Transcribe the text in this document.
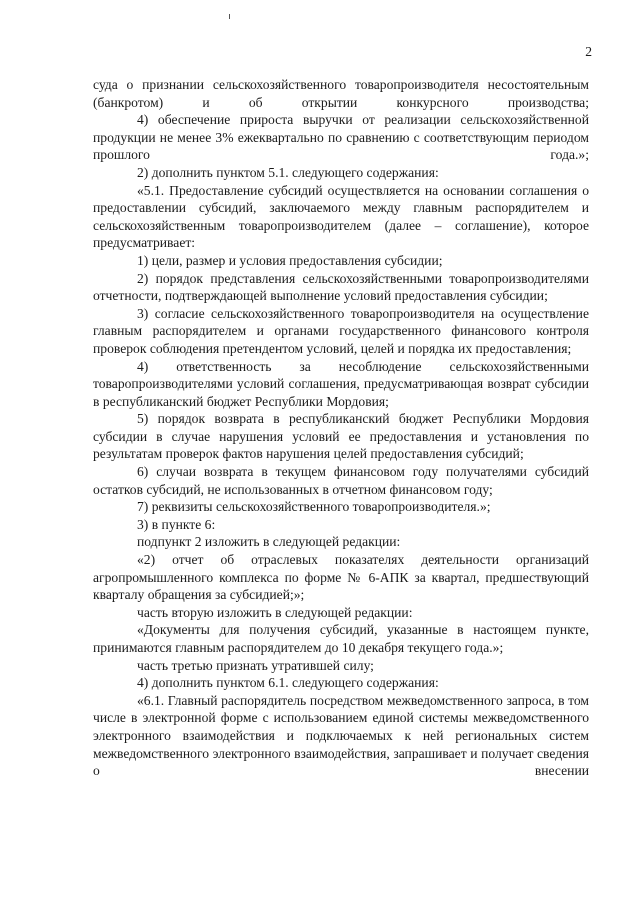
2

суда о признании сельскохозяйственного товаропроизводителя несостоятельным (банкротом) и об открытии конкурсного производства;

4) обеспечение прироста выручки от реализации сельскохозяйственной продукции не менее 3% ежеквартально по сравнению с соответствующим периодом прошлого года.»;

2) дополнить пунктом 5.1. следующего содержания:

«5.1. Предоставление субсидий осуществляется на основании соглашения о предоставлении субсидий, заключаемого между главным распорядителем и сельскохозяйственным товаропроизводителем (далее – соглашение), которое предусматривает:

1) цели, размер и условия предоставления субсидии;

2) порядок представления сельскохозяйственными товаропроизводителями отчетности, подтверждающей выполнение условий предоставления субсидии;

3) согласие сельскохозяйственного товаропроизводителя на осуществление главным распорядителем и органами государственного финансового контроля проверок соблюдения претендентом условий, целей и порядка их предоставления;

4) ответственность за несоблюдение сельскохозяйственными товаропроизводителями условий соглашения, предусматривающая возврат субсидии в республиканский бюджет Республики Мордовия;

5) порядок возврата в республиканский бюджет Республики Мордовия субсидии в случае нарушения условий ее предоставления и установления по результатам проверок фактов нарушения целей предоставления субсидий;

6) случаи возврата в текущем финансовом году получателями субсидий остатков субсидий, не использованных в отчетном финансовом году;

7) реквизиты сельскохозяйственного товаропроизводителя.»;

3) в пункте 6:

подпункт 2 изложить в следующей редакции:

«2) отчет об отраслевых показателях деятельности организаций агропромышленного комплекса по форме № 6-АПК за квартал, предшествующий кварталу обращения за субсидией;»;

часть вторую изложить в следующей редакции:

«Документы для получения субсидий, указанные в настоящем пункте, принимаются главным распорядителем до 10 декабря текущего года.»;

часть третью признать утратившей силу;

4) дополнить пунктом 6.1. следующего содержания:

«6.1. Главный распорядитель посредством межведомственного запроса, в том числе в электронной форме с использованием единой системы межведомственного электронного взаимодействия и подключаемых к ней региональных систем межведомственного электронного взаимодействия, запрашивает и получает сведения о внесении
